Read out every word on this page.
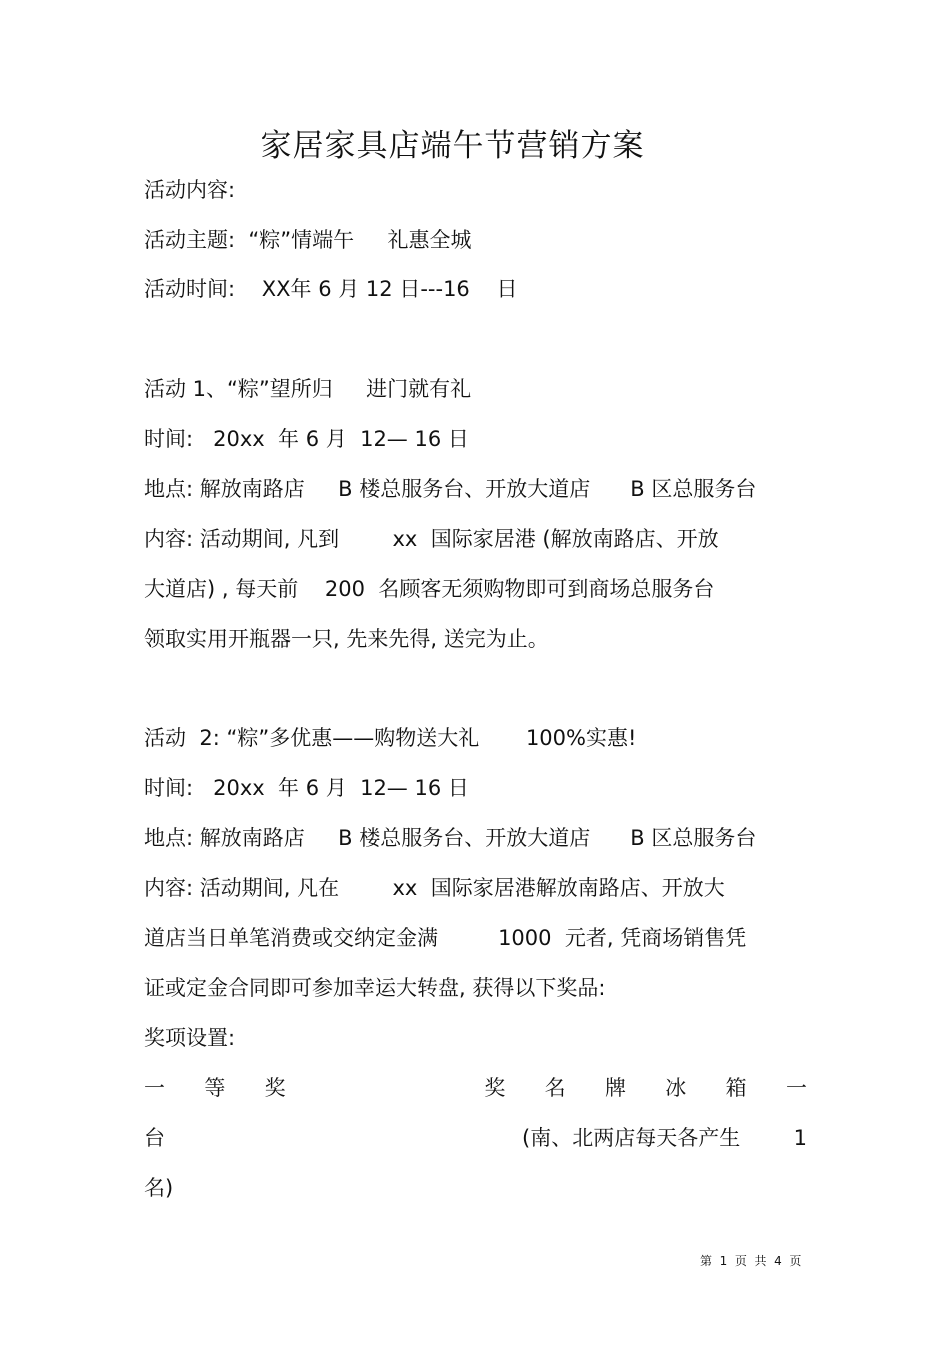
家居家具店端午节营销方案
活动内容:
活动主题:  “粽”情端午     礼惠全城
活动时间:    XX年 6 月 12 日---16    日
活动 1、“粽”望所归     进门就有礼
时间:   20xx  年 6 月  12— 16 日
地点: 解放南路店     B 楼总服务台、开放大道店      B 区总服务台
内容: 活动期间, 凡到        xx  国际家居港 (解放南路店、开放
大道店) , 每天前    200  名顾客无须购物即可到商场总服务台
领取实用开瓶器一只, 先来先得, 送完为止。
活动  2: “粽”多优惠——购物送大礼       100%实惠!
时间:   20xx  年 6 月  12— 16 日
地点: 解放南路店     B 楼总服务台、开放大道店      B 区总服务台
内容: 活动期间, 凡在        xx  国际家居港解放南路店、开放大
道店当日单笔消费或交纳定金满         1000  元者, 凭商场销售凭
证或定金合同即可参加幸运大转盘, 获得以下奖品:
奖项设置:
一 等 奖	奖 名 牌 冰 箱 一
台	(南、北两店每天各产生        1
名)
第  1  页  共  4  页
